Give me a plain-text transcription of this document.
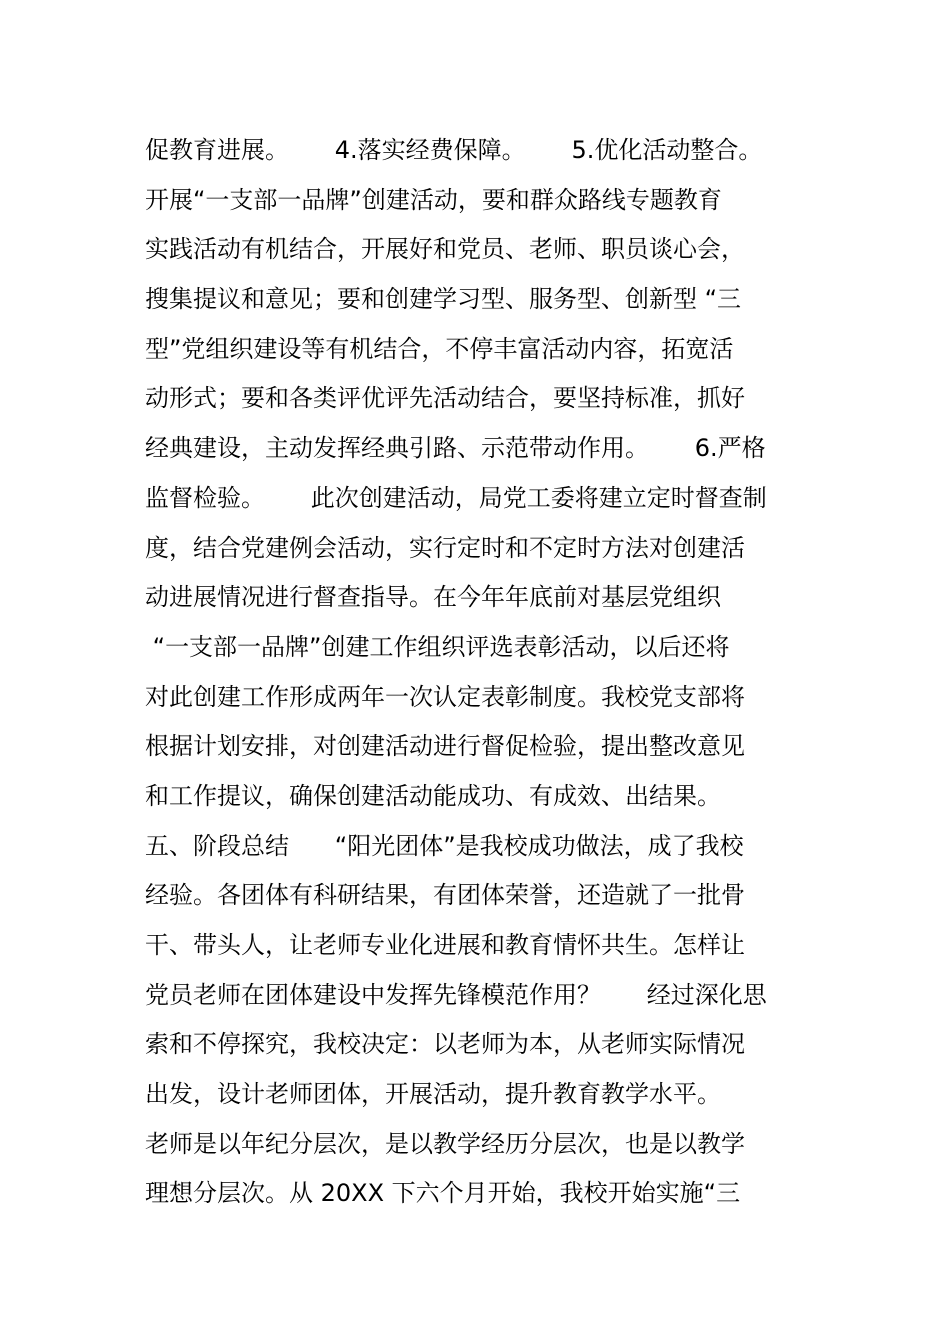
促教育进展。      4.落实经费保障。      5.优化活动整合。
开展“一支部一品牌”创建活动，要和群众路线专题教育
实践活动有机结合，开展好和党员、老师、职员谈心会，
搜集提议和意见；要和创建学习型、服务型、创新型 “三
型”党组织建设等有机结合，不停丰富活动内容，拓宽活
动形式；要和各类评优评先活动结合，要坚持标准，抓好
经典建设，主动发挥经典引路、示范带动作用。      6.严格
监督检验。      此次创建活动，局党工委将建立定时督查制
度，结合党建例会活动，实行定时和不定时方法对创建活
动进展情况进行督查指导。在今年年底前对基层党组织
“一支部一品牌”创建工作组织评选表彰活动，以后还将
对此创建工作形成两年一次认定表彰制度。我校党支部将
根据计划安排，对创建活动进行督促检验，提出整改意见
和工作提议，确保创建活动能成功、有成效、出结果。
五、阶段总结      “阳光团体”是我校成功做法，成了我校
经验。各团体有科研结果，有团体荣誉，还造就了一批骨
干、带头人，让老师专业化进展和教育情怀共生。怎样让
党员老师在团体建设中发挥先锋模范作用？      经过深化思
索和不停探究，我校决定：以老师为本，从老师实际情况
出发，设计老师团体，开展活动，提升教育教学水平。
老师是以年纪分层次，是以教学经历分层次，也是以教学
理想分层次。从 20XX 下六个月开始，我校开始实施“三
